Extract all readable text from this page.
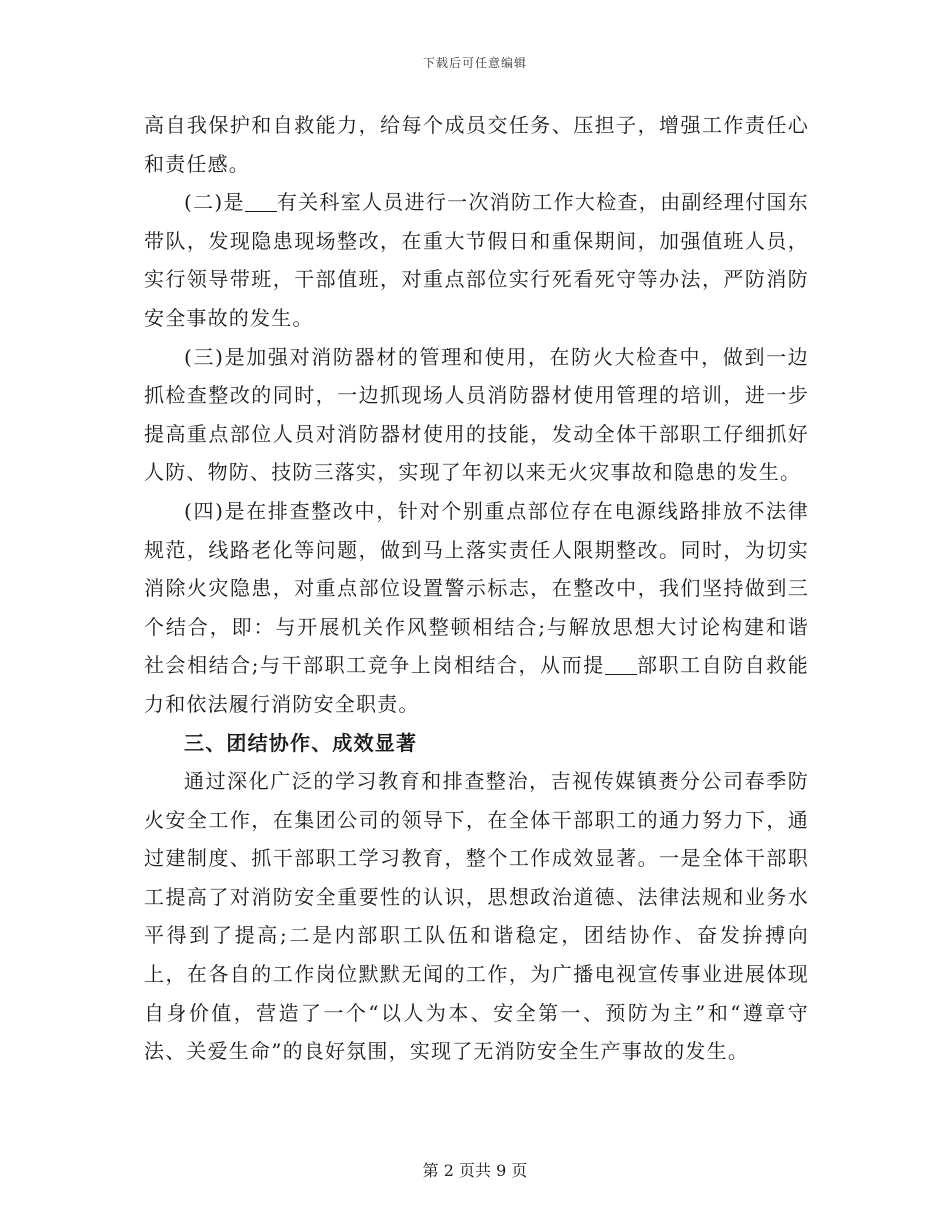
下载后可任意编辑

高自我保护和自救能力，给每个成员交任务、压担子，增强工作责任心和责任感。

(二)是 有关科室人员进行一次消防工作大检查，由副经理付国东带队，发现隐患现场整改，在重大节假日和重保期间，加强值班人员，实行领导带班，干部值班，对重点部位实行死看死守等办法，严防消防安全事故的发生。

(三)是加强对消防器材的管理和使用，在防火大检查中，做到一边抓检查整改的同时，一边抓现场人员消防器材使用管理的培训，进一步提高重点部位人员对消防器材使用的技能，发动全体干部职工仔细抓好人防、物防、技防三落实，实现了年初以来无火灾事故和隐患的发生。

(四)是在排查整改中，针对个别重点部位存在电源线路排放不法律规范，线路老化等问题，做到马上落实责任人限期整改。同时，为切实消除火灾隐患，对重点部位设置警示标志，在整改中，我们坚持做到三个结合，即：与开展机关作风整顿相结合;与解放思想大讨论构建和谐社会相结合;与干部职工竞争上岗相结合，从而提 部职工自防自救能力和依法履行消防安全职责。

三、团结协作、成效显著

通过深化广泛的学习教育和排查整治，吉视传媒镇赉分公司春季防火安全工作，在集团公司的领导下，在全体干部职工的通力努力下，通过建制度、抓干部职工学习教育，整个工作成效显著。一是全体干部职工提高了对消防安全重要性的认识，思想政治道德、法律法规和业务水平得到了提高;二是内部职工队伍和谐稳定，团结协作、奋发拚搏向上，在各自的工作岗位默默无闻的工作，为广播电视宣传事业进展体现自身价值，营造了一个“以人为本、安全第一、预防为主”和“遵章守法、关爱生命”的良好氛围，实现了无消防安全生产事故的发生。

第 2 页共 9 页
